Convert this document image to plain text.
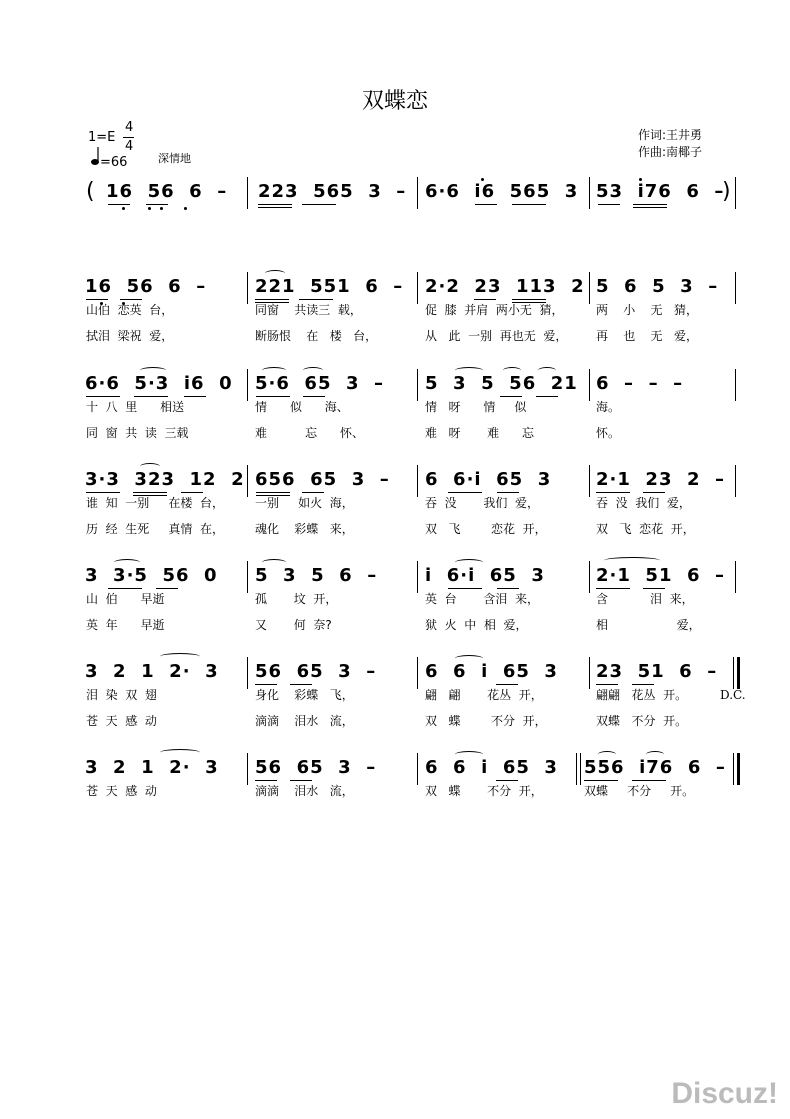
双蝶恋
1=E
4
4
=66	深情地
作词:王井勇
作曲:南椰子
( 16  56  6  – 223  565  3  – 6·6  i6  565  3 53  i76  6  –
)
16  56  6  –	221  551  6  – 2·2  23  113  2 5  6  5  3  –
山伯  恋英  台，	同窗    共读三  载，	促  膝  并肩  两小无  猜，	两    小    无   猜，
拭泪  梁祝  爱，	断肠恨    在   楼   台，	从   此  一别  再也无  爱， 再    也    无   爱，
6·6  5·3  i6  0 5·6  65  3  – 5  3  5  56  21 6  –  –  –
十  八  里      相送	情      似      海、	情   呀      情     似	海。
同  窗  共  读  三载	难          忘      怀、	难   呀       难      忘	怀。
3·3  323  12  2 656  65  3  – 6  6·i  65  3 2·1  23  2  –
谁  知  一别     在楼  台，	一别     如火  海，	吞  没       我们  爱，	吞  没  我们  爱，
历  经  生死     真情  在，	魂化    彩蝶   来，	双   飞        恋花  开，	双   飞  恋花  开，
3  3·5  56  0 5  3  5  6  –	i  6·i  65  3	2·1  51  6  –
山  伯      早逝	孤       坟  开，	英  台       含泪  来，	含           泪  来，
英  年      早逝	又       何  奈?	狱  火  中  相  爱，	相                  爱，
3  2  1  2·  3 56  65  3  –	6  6  i  65  3 23  51  6  –
泪  染  双  翅	身化    彩蝶   飞，	翩   翩       花丛  开，	翩翩   花丛  开。	D.C.
苍  天  感  动	滴滴    泪水   流，	双   蝶        不分  开，	双蝶   不分  开。
3  2  1  2·  3 56  65  3  –	6  6  i  65  3 556  i76  6  –
苍  天  感  动	滴滴    泪水   流，	双   蝶       不分  开，	双蝶     不分     开。
Discuz!
